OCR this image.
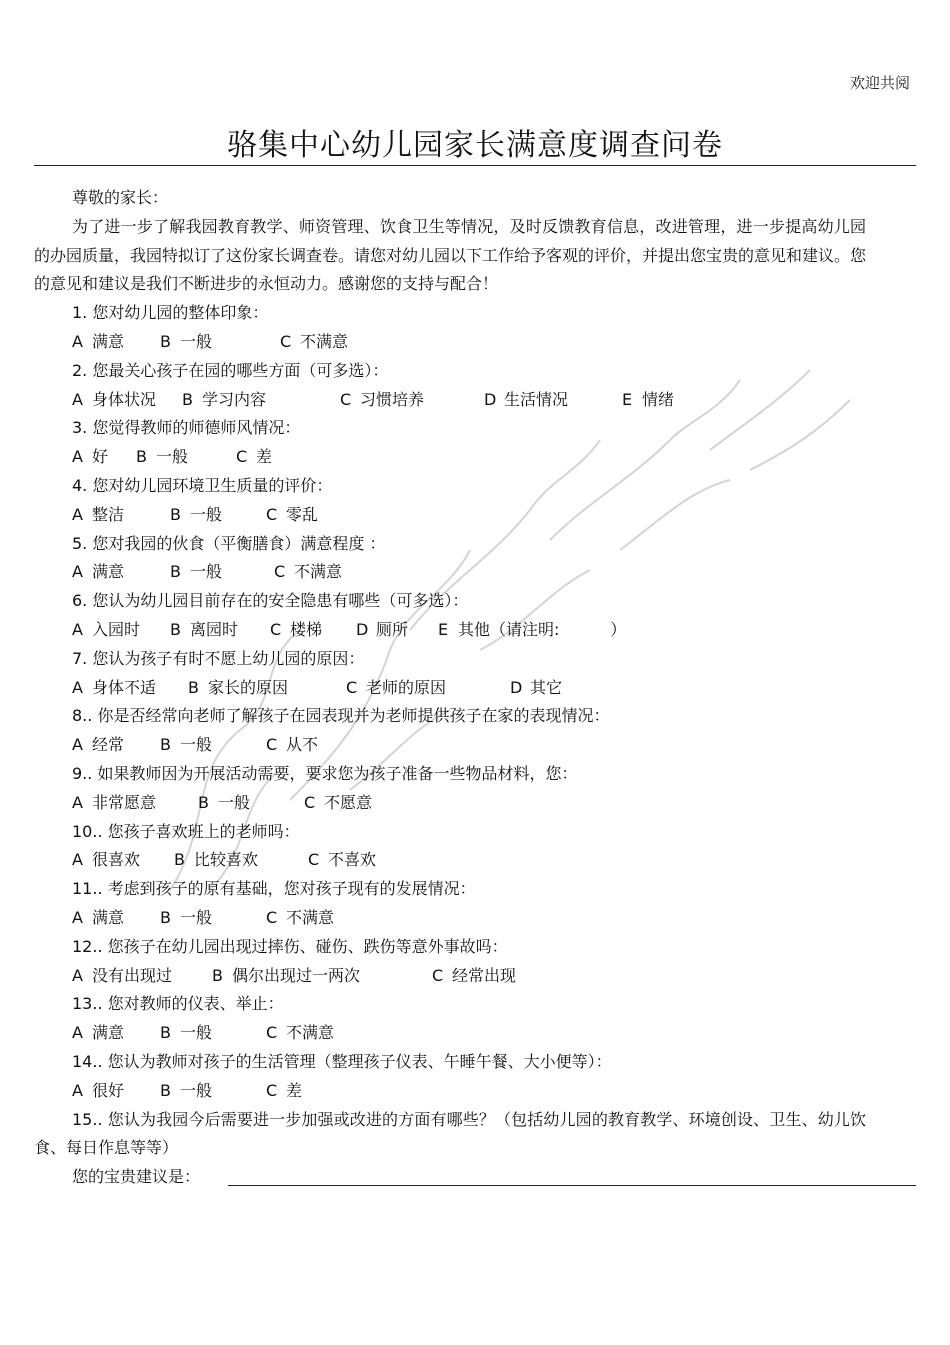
欢迎共阅
骆集中心幼儿园家长满意度调查问卷

尊敬的家长：

为了进一步了解我园教育教学、师资管理、饮食卫生等情况，及时反馈教育信息，改进管理，进一步提高幼儿园的办园质量，我园特拟订了这份家长调查卷。请您对幼儿园以下工作给予客观的评价，并提出您宝贵的意见和建议。您的意见和建议是我们不断进步的永恒动力。感谢您的支持与配合！

1. 您对幼儿园的整体印象：

A 满意 B 一般	C 不满意

2. 您最关心孩子在园的哪些方面（可多选）：

A 身体状况 B 学习内容	C 习惯培养	D 生活情况	E 情绪

3. 您觉得教师的师德师风情况：

A 好 B 一般	C 差

4. 您对幼儿园环境卫生质量的评价：

A 整洁	B 一般	C 零乱

5. 您对我园的伙食（平衡膳食）满意程度 ：

A 满意	B 一般	C 不满意

6. 您认为幼儿园目前存在的安全隐患有哪些（可多选）：

A 入园时 B 离园时 C 楼梯 D 厕所 E 其他（请注明:          ）

7. 您认为孩子有时不愿上幼儿园的原因：

A 身体不适 B 家长的原因	C 老师的原因	D 其它

8.. 你是否经常向老师了解孩子在园表现并为老师提供孩子在家的表现情况：

A 经常 B 一般	C 从不

9.. 如果教师因为开展活动需要，要求您为孩子准备一些物品材料，您：

A 非常愿意	B 一般	C 不愿意

10.. 您孩子喜欢班上的老师吗：

A 很喜欢 B 比较喜欢	C 不喜欢

11.. 考虑到孩子的原有基础，您对孩子现有的发展情况：

A 满意 B 一般	C 不满意

12.. 您孩子在幼儿园出现过摔伤、碰伤、跌伤等意外事故吗：

A 没有出现过 B 偶尔出现过一两次	C 经常出现

13.. 您对教师的仪表、举止：

A 满意 B 一般	C 不满意

14.. 您认为教师对孩子的生活管理（整理孩子仪表、午睡午餐、大小便等）：

A 很好 B 一般	C 差

15.. 您认为我园今后需要进一步加强或改进的方面有哪些？（包括幼儿园的教育教学、环境创设、卫生、幼儿饮食、每日作息等等）

您的宝贵建议是：
